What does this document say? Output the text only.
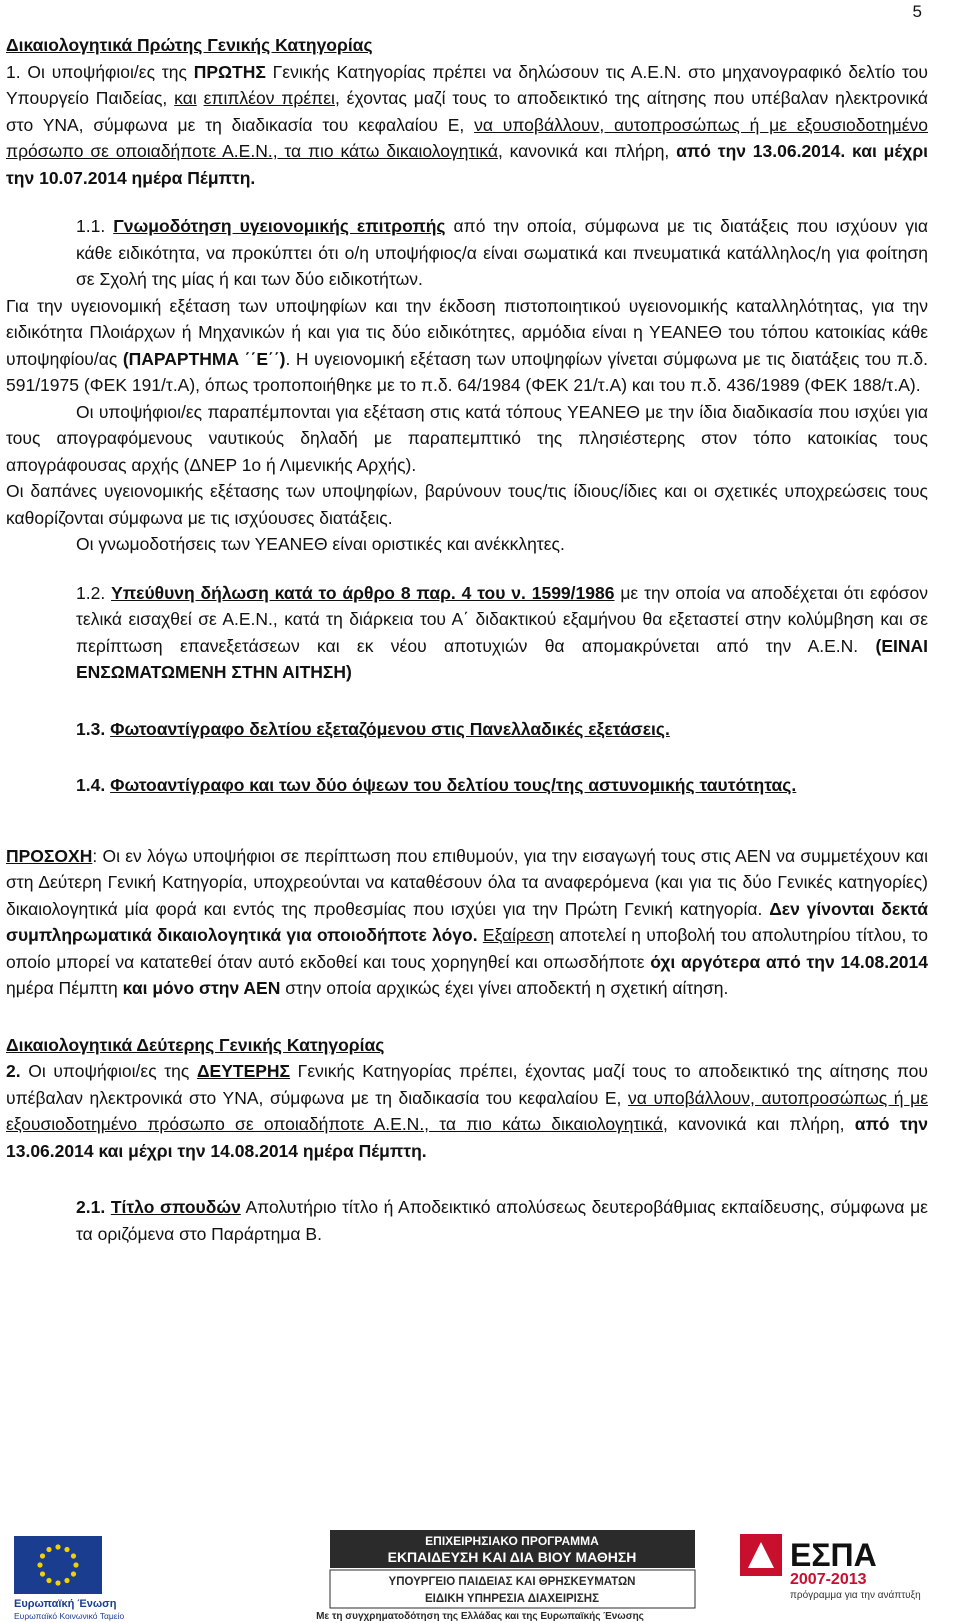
5

Δικαιολογητικά Πρώτης Γενικής Κατηγορίας

1. Οι υποψήφιοι/ες της ΠΡΩΤΗΣ Γενικής Κατηγορίας πρέπει να δηλώσουν τις Α.Ε.Ν. στο μηχανογραφικό δελτίο του Υπουργείο Παιδείας, και επιπλέον πρέπει, έχοντας μαζί τους το αποδεικτικό της αίτησης που υπέβαλαν ηλεκτρονικά στο ΥΝΑ, σύμφωνα με τη διαδικασία του κεφαλαίου Ε, να υποβάλλουν, αυτοπροσώπως ή με εξουσιοδοτημένο πρόσωπο σε οποιαδήποτε Α.Ε.Ν., τα πιο κάτω δικαιολογητικά, κανονικά και πλήρη, από την 13.06.2014. και μέχρι την 10.07.2014 ημέρα Πέμπτη.

1.1. Γνωμοδότηση υγειονομικής επιτροπής από την οποία, σύμφωνα με τις διατάξεις που ισχύουν για κάθε ειδικότητα, να προκύπτει ότι ο/η υποψήφιος/α είναι σωματικά και πνευματικά κατάλληλος/η για φοίτηση σε Σχολή της μίας ή και των δύο ειδικοτήτων.

Για την υγειονομική εξέταση των υποψηφίων και την έκδοση πιστοποιητικού υγειονομικής καταλληλότητας, για την ειδικότητα Πλοιάρχων ή Μηχανικών ή και για τις δύο ειδικότητες, αρμόδια είναι η ΥΕΑΝΕΘ του τόπου κατοικίας κάθε υποψηφίου/ας (ΠΑΡΑΡΤΗΜΑ ΄΄Ε΄΄). Η υγειονομική εξέταση των υποψηφίων γίνεται σύμφωνα με τις διατάξεις του π.δ. 591/1975 (ΦΕΚ 191/τ.Α), όπως τροποποιήθηκε με το π.δ. 64/1984 (ΦΕΚ 21/τ.Α) και του π.δ. 436/1989 (ΦΕΚ 188/τ.Α).

Οι υποψήφιοι/ες παραπέμπονται για εξέταση στις κατά τόπους ΥΕΑΝΕΘ με την ίδια διαδικασία που ισχύει για τους απογραφόμενους ναυτικούς δηλαδή με παραπεμπτικό της πλησιέστερης στον τόπο κατοικίας τους απογράφουσας αρχής (ΔΝΕΡ 1ο ή Λιμενικής Αρχής).

Οι δαπάνες υγειονομικής εξέτασης των υποψηφίων, βαρύνουν τους/τις ίδιους/ίδιες και οι σχετικές υποχρεώσεις τους καθορίζονται σύμφωνα με τις ισχύουσες διατάξεις.

Οι γνωμοδοτήσεις των ΥΕΑΝΕΘ είναι οριστικές και ανέκκλητες.

1.2. Υπεύθυνη δήλωση κατά το άρθρο 8 παρ. 4 του ν. 1599/1986 με την οποία να αποδέχεται ότι εφόσον τελικά εισαχθεί σε Α.Ε.Ν., κατά τη διάρκεια του Α΄ διδακτικού εξαμήνου θα εξεταστεί στην κολύμβηση και σε περίπτωση επανεξετάσεων και εκ νέου αποτυχιών θα απομακρύνεται από την Α.Ε.Ν. (ΕΙΝΑΙ ΕΝΣΩΜΑΤΩΜΕΝΗ ΣΤΗΝ ΑΙΤΗΣΗ)

1.3. Φωτοαντίγραφο δελτίου εξεταζόμενου στις Πανελλαδικές εξετάσεις.

1.4. Φωτοαντίγραφο και των δύο όψεων του δελτίου τους/της αστυνομικής ταυτότητας.

ΠΡΟΣΟΧΗ: Οι εν λόγω υποψήφιοι σε περίπτωση που επιθυμούν, για την εισαγωγή τους στις ΑΕΝ να συμμετέχουν και στη Δεύτερη Γενική Κατηγορία, υποχρεούνται να καταθέσουν όλα τα αναφερόμενα (και για τις δύο Γενικές κατηγορίες) δικαιολογητικά μία φορά και εντός της προθεσμίας που ισχύει για την Πρώτη Γενική κατηγορία. Δεν γίνονται δεκτά συμπληρωματικά δικαιολογητικά για οποιοδήποτε λόγο. Εξαίρεση αποτελεί η υποβολή του απολυτηρίου τίτλου, το οποίο μπορεί να κατατεθεί όταν αυτό εκδοθεί και τους χορηγηθεί και οπωσδήποτε όχι αργότερα από την 14.08.2014 ημέρα Πέμπτη και μόνο στην ΑΕΝ στην οποία αρχικώς έχει γίνει αποδεκτή η σχετική αίτηση.

Δικαιολογητικά Δεύτερης Γενικής Κατηγορίας

2. Οι υποψήφιοι/ες της ΔΕΥΤΕΡΗΣ Γενικής Κατηγορίας πρέπει, έχοντας μαζί τους το αποδεικτικό της αίτησης που υπέβαλαν ηλεκτρονικά στο ΥΝΑ, σύμφωνα με τη διαδικασία του κεφαλαίου Ε, να υποβάλλουν, αυτοπροσώπως ή με εξουσιοδοτημένο πρόσωπο σε οποιαδήποτε Α.Ε.Ν., τα πιο κάτω δικαιολογητικά, κανονικά και πλήρη, από την 13.06.2014 και μέχρι την 14.08.2014 ημέρα Πέμπτη.

2.1. Τίτλο σπουδών Απολυτήριο τίτλο ή Αποδεικτικό απολύσεως δευτεροβάθμιας εκπαίδευσης, σύμφωνα με τα οριζόμενα στο Παράρτημα Β.

Ευρωπαϊκή Ένωση
Ευρωπαϊκό Κοινωνικό Ταμείο
ΕΠΙΧΕΙΡΗΣΙΑΚΟ ΠΡΟΓΡΑΜΜΑ
ΕΚΠΑΙΔΕΥΣΗ ΚΑΙ ΔΙΑ ΒΙΟΥ ΜΑΘΗΣΗ
ΥΠΟΥΡΓΕΙΟ ΠΑΙΔΕΙΑΣ ΚΑΙ ΘΡΗΣΚΕΥΜΑΤΩΝ
ΕΙΔΙΚΗ ΥΠΗΡΕΣΙΑ ΔΙΑΧΕΙΡΙΣΗΣ
Με τη συγχρηματοδότηση της Ελλάδας και της Ευρωπαϊκής Ένωσης
ΕΣΠΑ
2007-2013
πρόγραμμα για την ανάπτυξη
